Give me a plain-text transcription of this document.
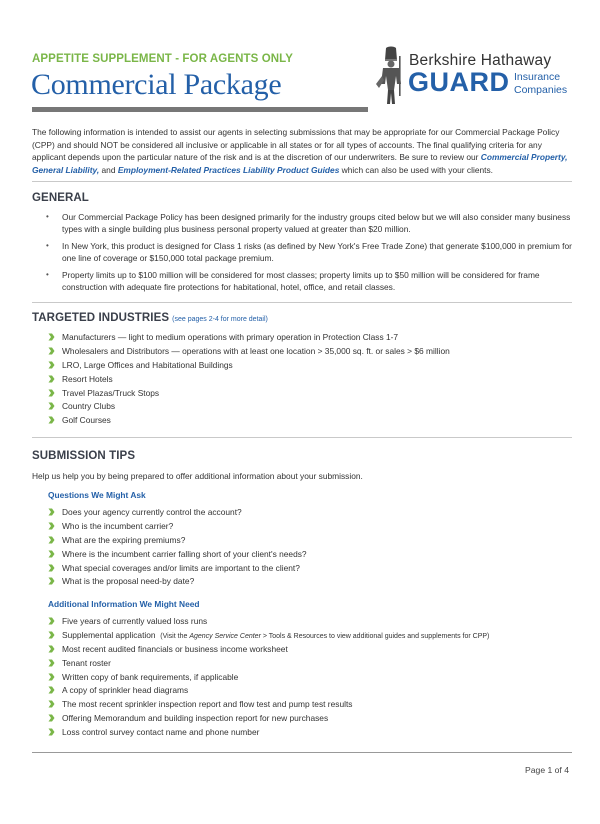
APPETITE SUPPLEMENT - FOR AGENTS ONLY
Commercial Package
Berkshire Hathaway
GUARD Insurance
Companies

The following information is intended to assist our agents in selecting submissions that may be appropriate for our Commercial Package Policy (CPP) and should NOT be considered all inclusive or applicable in all states or for all types of accounts. The final qualifying criteria for any applicant depends upon the particular nature of the risk and is at the discretion of our underwriters. Be sure to review our Commercial Property, General Liability, and Employment-Related Practices Liability Product Guides which can also be used with your clients.

GENERAL
• Our Commercial Package Policy has been designed primarily for the industry groups cited below but we will also consider many business types with a single building plus business personal property valued at greater than $20 million.
• In New York, this product is designed for Class 1 risks (as defined by New York's Free Trade Zone) that generate $100,000 in premium for one line of coverage or $150,000 total package premium.
• Property limits up to $100 million will be considered for most classes; property limits up to $50 million will be considered for frame construction with adequate fire protections for habitational, hotel, office, and retail classes.
TARGETED INDUSTRIES (see pages 2-4 for more detail)
Manufacturers — light to medium operations with primary operation in Protection Class 1-7
Wholesalers and Distributors — operations with at least one location > 35,000 sq. ft. or sales > $6 million
LRO, Large Offices and Habitational Buildings
Resort Hotels
Travel Plazas/Truck Stops
Country Clubs
Golf Courses
SUBMISSION TIPS
Help us help you by being prepared to offer additional information about your submission.
Questions We Might Ask
Does your agency currently control the account?
Who is the incumbent carrier?
What are the expiring premiums?
Where is the incumbent carrier falling short of your client's needs?
What special coverages and/or limits are important to the client?
What is the proposal need-by date?
Additional Information We Might Need
Five years of currently valued loss runs
Supplemental application (Visit the Agency Service Center > Tools & Resources to view additional guides and supplements for CPP)
Most recent audited financials or business income worksheet
Tenant roster
Written copy of bank requirements, if applicable
A copy of sprinkler head diagrams
The most recent sprinkler inspection report and flow test and pump test results
Offering Memorandum and building inspection report for new purchases
Loss control survey contact name and phone number
Page 1 of 4
